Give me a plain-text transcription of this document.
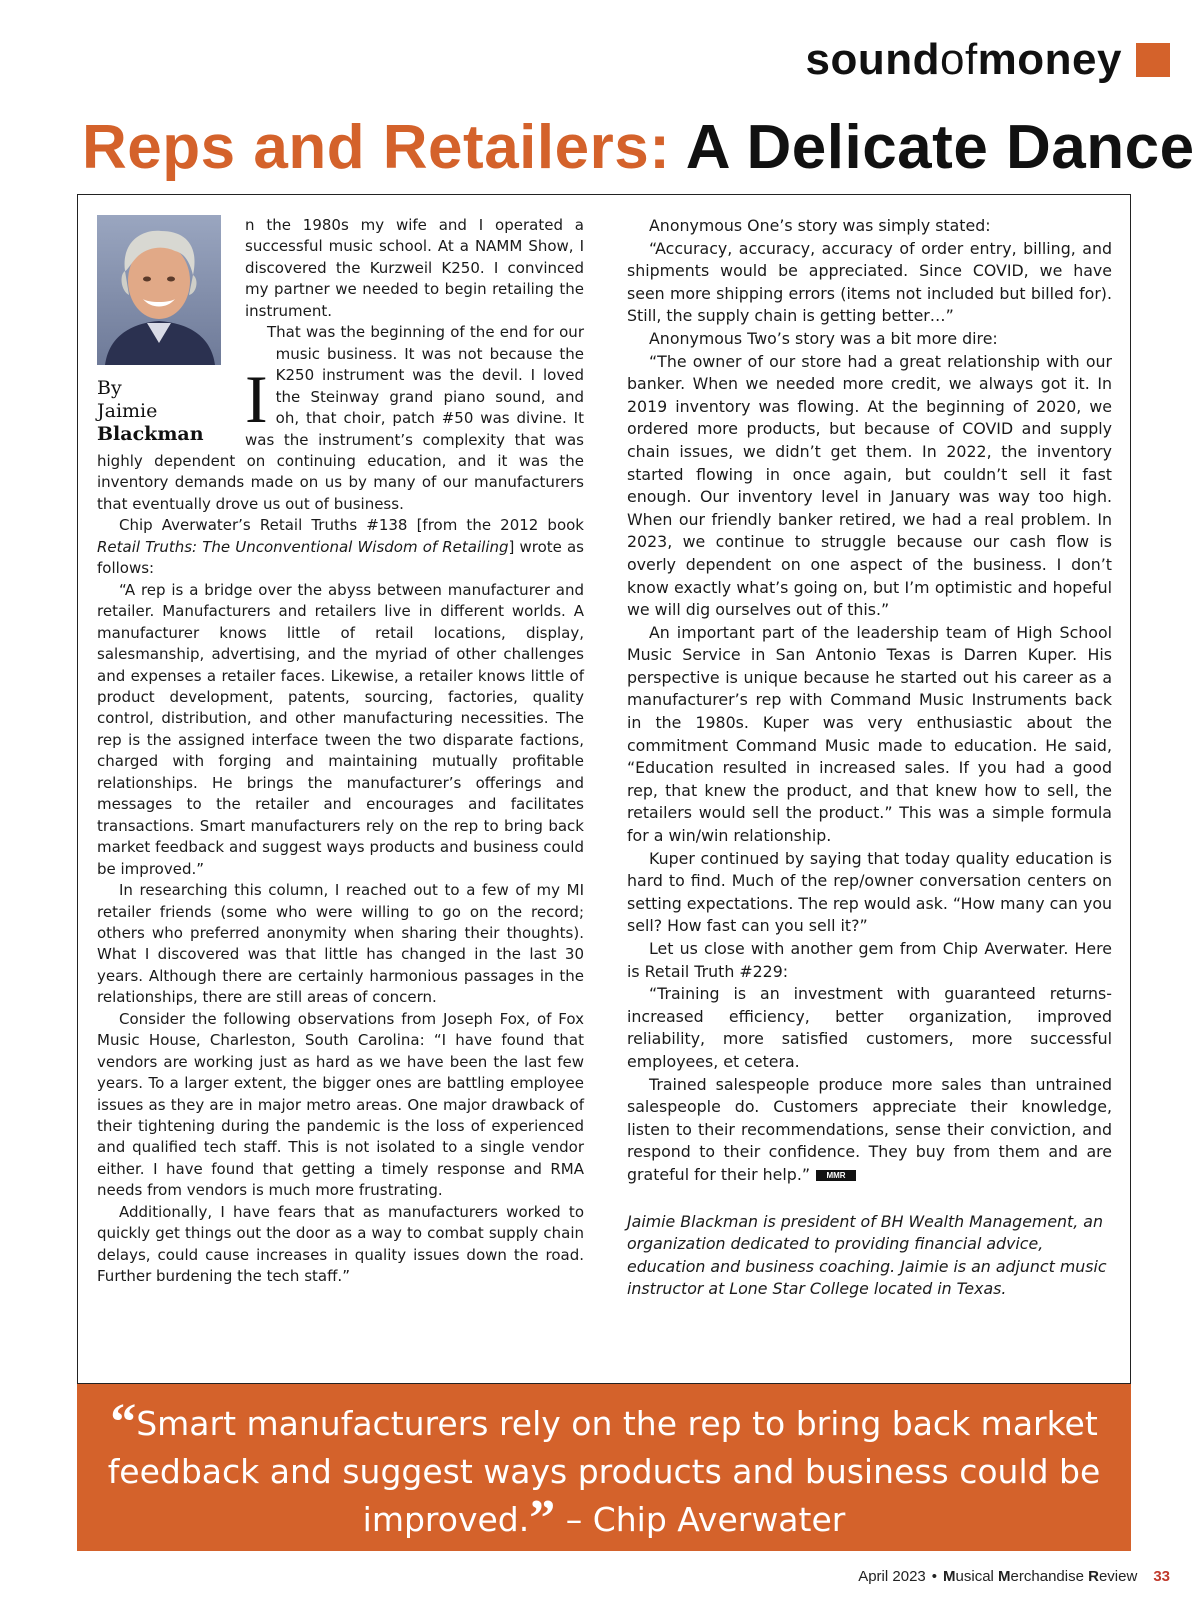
soundofmoney
Reps and Retailers: A Delicate Dance
By
Jaimie
Blackman I
n the 1980s my wife and I operated a successful music school. At a NAMM Show, I discovered the Kurzweil K250. I convinced my partner we needed to begin retailing the instrument.

That was the beginning of the end for our music business. It was not because the K250 instrument was the devil. I loved the Steinway grand piano sound, and oh, that choir, patch #50 was divine. It was the instrument’s complexity that was highly dependent on continuing education, and it was the inventory demands made on us by many of our manufacturers that eventually drove us out of business.

Chip Averwater’s Retail Truths #138 [from the 2012 book Retail Truths: The Unconventional Wisdom of Retailing] wrote as follows:

“A rep is a bridge over the abyss between manufacturer and retailer. Manufacturers and retailers live in different worlds. A manufacturer knows little of retail locations, display, salesmanship, advertising, and the myriad of other challenges and expenses a retailer faces. Likewise, a retailer knows little of product development, patents, sourcing, factories, quality control, distribution, and other manufacturing necessities. The rep is the assigned interface tween the two disparate factions, charged with forging and maintaining mutually profitable relationships. He brings the manufacturer’s offerings and messages to the retailer and encourages and facilitates transactions. Smart manufacturers rely on the rep to bring back market feedback and suggest ways products and business could be improved.”

In researching this column, I reached out to a few of my MI retailer friends (some who were willing to go on the record; others who preferred anonymity when sharing their thoughts). What I discovered was that little has changed in the last 30 years. Although there are certainly harmonious passages in the relationships, there are still areas of concern.

Consider the following observations from Joseph Fox, of Fox Music House, Charleston, South Carolina: “I have found that vendors are working just as hard as we have been the last few years. To a larger extent, the bigger ones are battling employee issues as they are in major metro areas. One major drawback of their tightening during the pandemic is the loss of experienced and qualified tech staff. This is not isolated to a single vendor either. I have found that getting a timely response and RMA needs from vendors is much more frustrating.

Additionally, I have fears that as manufacturers worked to quickly get things out the door as a way to combat supply chain delays, could cause increases in quality issues down the road. Further burdening the tech staff.”

Anonymous One’s story was simply stated:

“Accuracy, accuracy, accuracy of order entry, billing, and shipments would be appreciated. Since COVID, we have seen more shipping errors (items not included but billed for). Still, the supply chain is getting better…”

Anonymous Two’s story was a bit more dire:

“The owner of our store had a great relationship with our banker. When we needed more credit, we always got it. In 2019 inventory was flowing. At the beginning of 2020, we ordered more products, but because of COVID and supply chain issues, we didn’t get them. In 2022, the inventory started flowing in once again, but couldn’t sell it fast enough. Our inventory level in January was way too high. When our friendly banker retired, we had a real problem. In 2023, we continue to struggle because our cash flow is overly dependent on one aspect of the business. I don’t know exactly what’s going on, but I’m optimistic and hopeful we will dig ourselves out of this.”

An important part of the leadership team of High School Music Service in San Antonio Texas is Darren Kuper. His perspective is unique because he started out his career as a manufacturer’s rep with Command Music Instruments back in the 1980s. Kuper was very enthusiastic about the commitment Command Music made to education. He said, “Education resulted in increased sales. If you had a good rep, that knew the product, and that knew how to sell, the retailers would sell the product.” This was a simple formula for a win/win relationship.

Kuper continued by saying that today quality education is hard to find. Much of the rep/owner conversation centers on setting expectations. The rep would ask. “How many can you sell? How fast can you sell it?”

Let us close with another gem from Chip Averwater. Here is Retail Truth #229:

“Training is an investment with guaranteed returns- increased efficiency, better organization, improved reliability, more satisfied customers, more successful employees, et cetera.

Trained salespeople produce more sales than untrained salespeople do. Customers appreciate their knowledge, listen to their recommendations, sense their conviction, and respond to their confidence. They buy from them and are grateful for their help.” MMR

Jaimie Blackman is president of BH Wealth Management, an organization dedicated to providing financial advice, education and business coaching. Jaimie is an adjunct music instructor at Lone Star College located in Texas.

“Smart manufacturers rely on the rep to bring back market feedback and suggest ways products and business could be improved.” – Chip Averwater
April 2023 • Musical Merchandise Review 33
